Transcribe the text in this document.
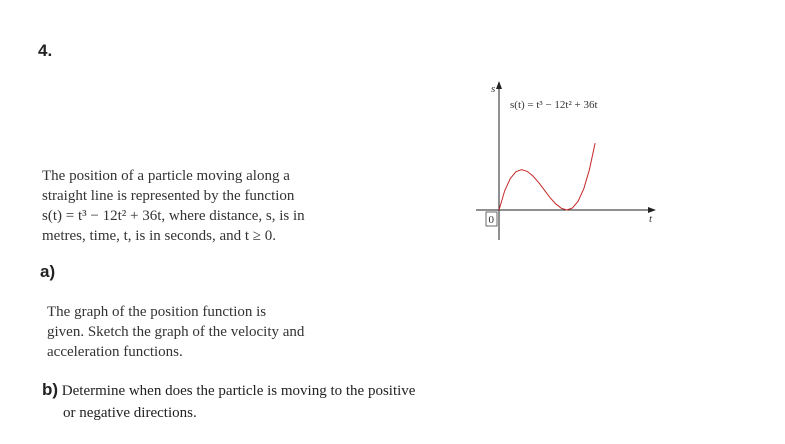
4.
The position of a particle moving along a
straight line is represented by the function
s(t) = t³ − 12t² + 36t, where distance, s, is in
metres, time, t, is in seconds, and t ≥ 0.
a)
The graph of the position function is
given. Sketch the graph of the velocity and
acceleration functions.
b) Determine when does the particle is moving to the positive
or negative directions.
0	t
s
s(t) = t³ − 12t² + 36t
